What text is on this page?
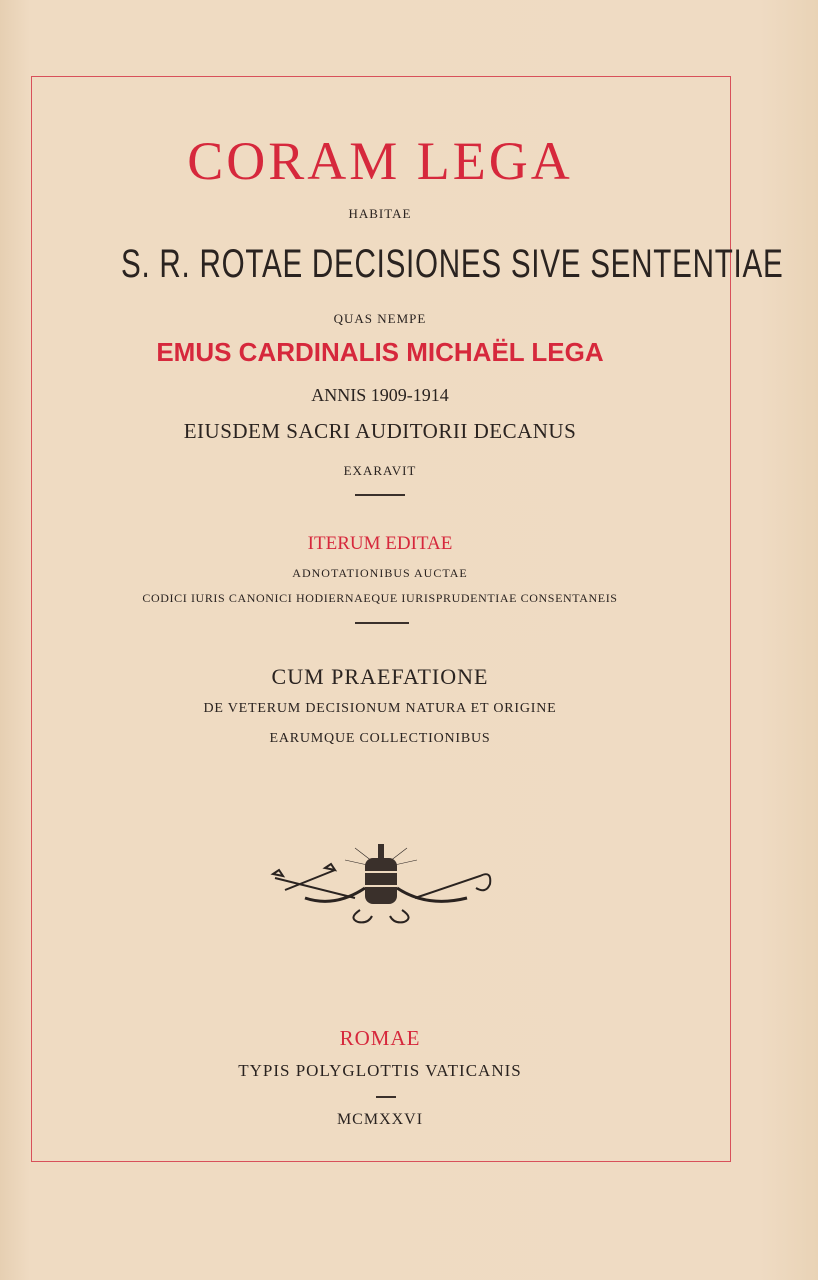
CORAM LEGA
HABITAE
S. R. ROTAE DECISIONES SIVE SENTENTIAE
QUAS NEMPE
EMUS CARDINALIS MICHAËL LEGA
ANNIS 1909-1914
EIUSDEM SACRI AUDITORII DECANUS
EXARAVIT
ITERUM EDITAE
ADNOTATIONIBUS AUCTAE
CODICI IURIS CANONICI HODIERNAEQUE IURISPRUDENTIAE CONSENTANEIS
CUM PRAEFATIONE
DE VETERUM DECISIONUM NATURA ET ORIGINE
EARUMQUE COLLECTIONIBUS
ROMAE
TYPIS POLYGLOTTIS VATICANIS
MCMXXVI
